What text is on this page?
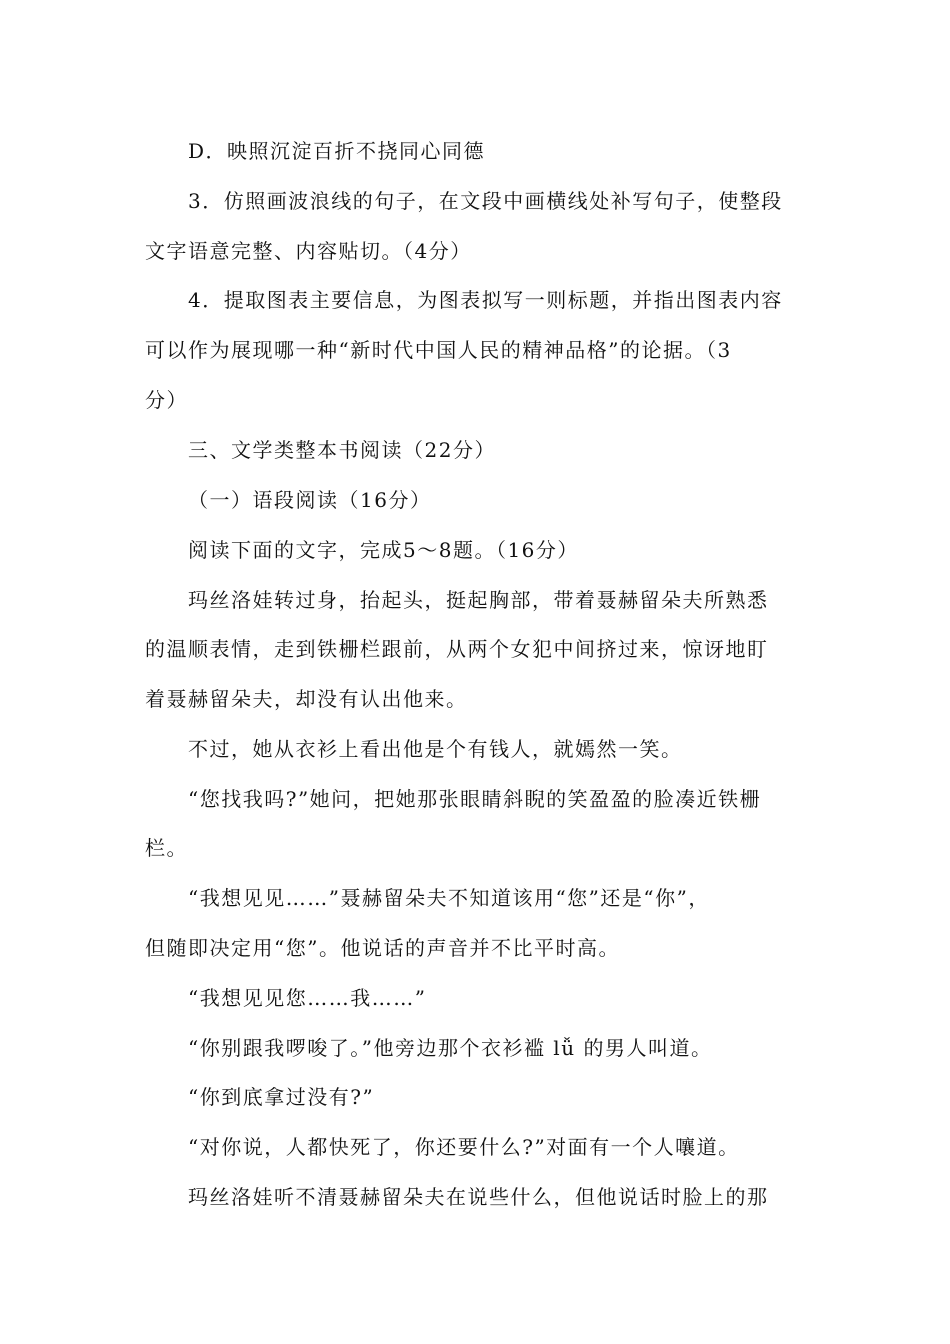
D．映照沉淀百折不挠同心同德
3．仿照画波浪线的句子，在文段中画横线处补写句子，使整段
文字语意完整、内容贴切。（4分）
4．提取图表主要信息，为图表拟写一则标题，并指出图表内容
可以作为展现哪一种“新时代中国人民的精神品格”的论据。（3
分）
三、文学类整本书阅读（22分）
（一）语段阅读（16分）
阅读下面的文字，完成5～8题。（16分）
玛丝洛娃转过身，抬起头，挺起胸部，带着聂赫留朵夫所熟悉
的温顺表情，走到铁栅栏跟前，从两个女犯中间挤过来，惊讶地盯
着聂赫留朵夫，却没有认出他来。
不过，她从衣衫上看出他是个有钱人，就嫣然一笑。
“您找我吗?”她问，把她那张眼睛斜睨的笑盈盈的脸凑近铁栅
栏。
“我想见见……”聂赫留朵夫不知道该用“您”还是“你”，
但随即决定用“您”。他说话的声音并不比平时高。
“我想见见您……我……”
“你别跟我啰唆了。”他旁边那个衣衫褴 lǚ 的男人叫道。
“你到底拿过没有?”
“对你说，人都快死了，你还要什么?”对面有一个人嚷道。
玛丝洛娃听不清聂赫留朵夫在说些什么，但他说话时脸上的那
